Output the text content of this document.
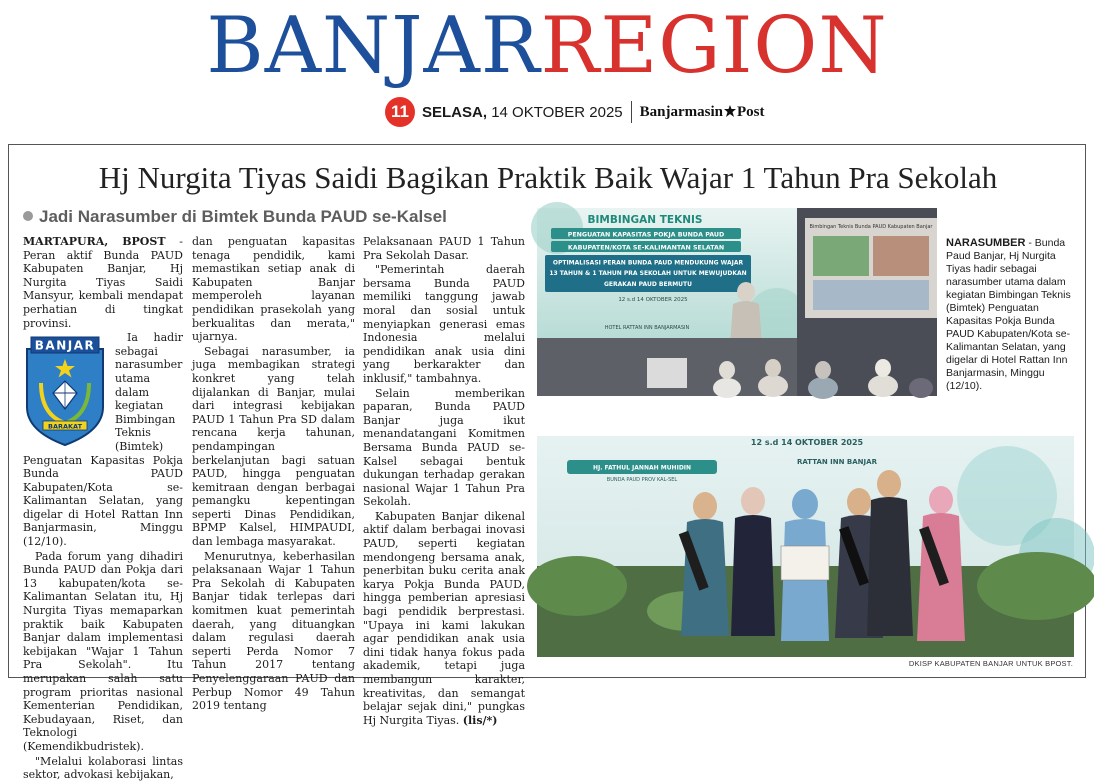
BANJARREGION
11 SELASA, 14 OKTOBER 2025 Banjarmasin Post
Hj Nurgita Tiyas Saidi Bagikan Praktik Baik Wajar 1 Tahun Pra Sekolah
Jadi Narasumber di Bimtek Bunda PAUD se-Kalsel

MARTAPURA, BPOST - Peran aktif Bunda PAUD Kabupaten Banjar, Hj Nurgita Tiyas Saidi Mansyur, kembali mendapat perhatian di tingkat provinsi.

BANJAR
BARAKAT

Ia hadir sebagai narasumber utama dalam kegiatan Bimbingan Teknis (Bimtek) Penguatan Kapasitas Pokja Bunda PAUD Kabupaten/Kota se-Kalimantan Selatan, yang digelar di Hotel Rattan Inn Banjarmasin, Minggu (12/10).

Pada forum yang dihadiri Bunda PAUD dan Pokja dari 13 kabupaten/kota se-Kalimantan Selatan itu, Hj Nurgita Tiyas memaparkan praktik baik Kabupaten Banjar dalam implementasi kebijakan "Wajar 1 Tahun Pra Sekolah". Itu merupakan salah satu program prioritas nasional Kementerian Pendidikan, Kebudayaan, Riset, dan Teknologi (Kemendikbudristek).

"Melalui kolaborasi lintas sektor, advokasi kebijakan,

dan penguatan kapasitas tenaga pendidik, kami memastikan setiap anak di Kabupaten Banjar memperoleh layanan pendidikan prasekolah yang berkualitas dan merata," ujarnya.

Sebagai narasumber, ia juga membagikan strategi konkret yang telah dijalankan di Banjar, mulai dari integrasi kebijakan PAUD 1 Tahun Pra SD dalam rencana kerja tahunan, pendampingan berkelanjutan bagi satuan PAUD, hingga penguatan kemitraan dengan berbagai pemangku kepentingan seperti Dinas Pendidikan, BPMP Kalsel, HIMPAUDI, dan lembaga masyarakat.

Menurutnya, keberhasilan pelaksanaan Wajar 1 Tahun Pra Sekolah di Kabupaten Banjar tidak terlepas dari komitmen kuat pemerintah daerah, yang dituangkan dalam regulasi daerah seperti Perda Nomor 7 Tahun 2017 tentang Penyelenggaraan PAUD dan Perbup Nomor 49 Tahun 2019 tentang

Pelaksanaan PAUD 1 Tahun Pra Sekolah Dasar.

"Pemerintah daerah bersama Bunda PAUD memiliki tanggung jawab moral dan sosial untuk menyiapkan generasi emas Indonesia melalui pendidikan anak usia dini yang berkarakter dan inklusif," tambahnya.

Selain memberikan paparan, Bunda PAUD Banjar juga ikut menandatangani Komitmen Bersama Bunda PAUD se-Kalsel sebagai bentuk dukungan terhadap gerakan nasional Wajar 1 Tahun Pra Sekolah.

Kabupaten Banjar dikenal aktif dalam berbagai inovasi PAUD, seperti kegiatan mendongeng bersama anak, penerbitan buku cerita anak karya Pokja Bunda PAUD, hingga pemberian apresiasi bagi pendidik berprestasi. "Upaya ini kami lakukan agar pendidikan anak usia dini tidak hanya fokus pada akademik, tetapi juga membangun karakter, kreativitas, dan semangat belajar sejak dini," pungkas Hj Nurgita Tiyas. (lis/*)

BIMBINGAN TEKNIS
PENGUATAN KAPASITAS POKJA BUNDA PAUD
KABUPATEN/KOTA SE-KALIMANTAN SELATAN
OPTIMALISASI PERAN BUNDA PAUD MENDUKUNG WAJAR
13 TAHUN & 1 TAHUN PRA SEKOLAH UNTUK MEWUJUDKAN
GERAKAN PAUD BERMUTU
12 s.d 14 OKTOBER 2025
HOTEL RATTAN INN BANJARMASIN
Bimbingan Teknis Bunda PAUD Kabupaten Banjar
NARASUMBER - Bunda Paud Banjar, Hj Nurgita Tiyas hadir sebagai narasumber utama dalam kegiatan Bimbingan Teknis (Bimtek) Penguatan Kapasitas Pokja Bunda PAUD Kabupaten/Kota se-Kalimantan Selatan, yang digelar di Hotel Rattan Inn Banjarmasin, Minggu (12/10).
12 s.d 14 OKTOBER 2025
RATTAN INN BANJAR
HJ. FATHUL JANNAH MUHIDIN
BUNDA PAUD PROV KAL-SEL
DKISP KABUPATEN BANJAR UNTUK BPOST.
